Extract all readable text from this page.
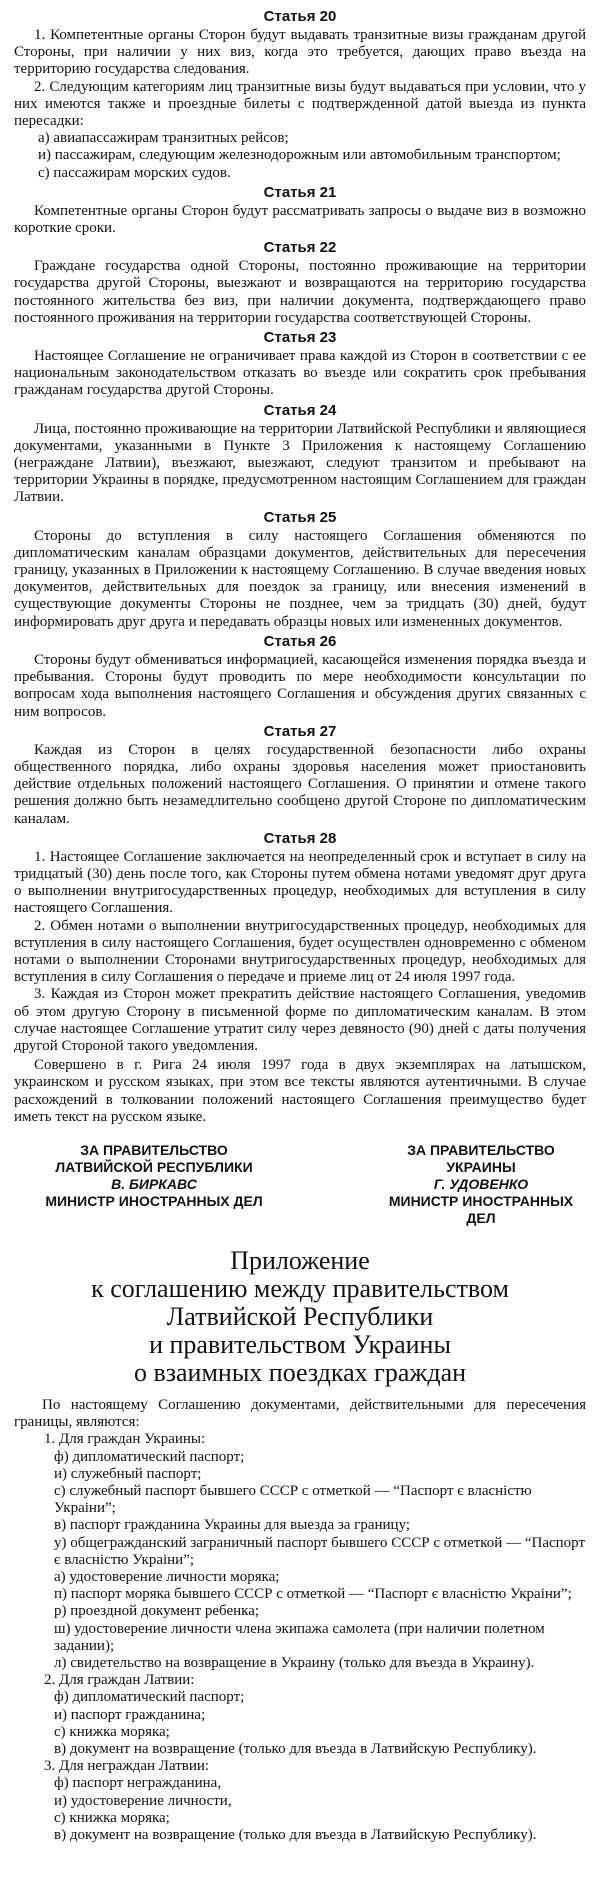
Статья 20

1. Компетентные органы Сторон будут выдавать транзитные визы гражданам другой Стороны, при наличии у них виз, когда это требуется, дающих право въезда на территорию государства следования.

2. Следующим категориям лиц транзитные визы будут выдаваться при условии, что у них имеются также и проездные билеты с подтвержденной датой выезда из пункта пересадки:

а) авиапассажирам транзитных рейсов;
и) пассажирам, следующим железнодорожным или автомобильным транспортом;
с) пассажирам морских судов.
Статья 21

Компетентные органы Сторон будут рассматривать запросы о выдаче виз в возможно короткие сроки.

Статья 22

Граждане государства одной Стороны, постоянно проживающие на территории государства другой Стороны, выезжают и возвращаются на территорию государства постоянного жительства без виз, при наличии документа, подтверждающего право постоянного проживания на территории государства соответствующей Стороны.

Статья 23

Настоящее Соглашение не ограничивает права каждой из Сторон в соответствии с ее национальным законодательством отказать во въезде или сократить срок пребывания гражданам государства другой Стороны.

Статья 24

Лица, постоянно проживающие на территории Латвийской Республики и являющиеся документами, указанными в Пункте 3 Приложения к настоящему Соглашению (неграждане Латвии), въезжают, выезжают, следуют транзитом и пребывают на территории Украины в порядке, предусмотренном настоящим Соглашением для граждан Латвии.

Статья 25

Стороны до вступления в силу настоящего Соглашения обменяются по дипломатическим каналам образцами документов, действительных для пересечения границу, указанных в Приложении к настоящему Соглашению. В случае введения новых документов, действительных для поездок за границу, или внесения изменений в существующие документы Стороны не позднее, чем за тридцать (30) дней, будут информировать друг друга и передавать образцы новых или измененных документов.

Статья 26

Стороны будут обмениваться информацией, касающейся изменения порядка въезда и пребывания. Стороны будут проводить по мере необходимости консультации по вопросам хода выполнения настоящего Соглашения и обсуждения других связанных с ним вопросов.

Статья 27

Каждая из Сторон в целях государственной безопасности либо охраны общественного порядка, либо охраны здоровья населения может приостановить действие отдельных положений настоящего Соглашения. О принятии и отмене такого решения должно быть незамедлительно сообщено другой Стороне по дипломатическим каналам.

Статья 28

1. Настоящее Соглашение заключается на неопределенный срок и вступает в силу на тридцатый (30) день после того, как Стороны путем обмена нотами уведомят друг друга о выполнении внутригосударственных процедур, необходимых для вступления в силу настоящего Соглашения.

2. Обмен нотами о выполнении внутригосударственных процедур, необходимых для вступления в силу настоящего Соглашения, будет осуществлен одновременно с обменом нотами о выполнении Сторонами внутригосударственных процедур, необходимых для вступления в силу Соглашения о передаче и приеме лиц от 24 июля 1997 года.

3. Каждая из Сторон может прекратить действие настоящего Соглашения, уведомив об этом другую Сторону в письменной форме по дипломатическим каналам. В этом случае настоящее Соглашение утратит силу через девяносто (90) дней с даты получения другой Стороной такого уведомления.

Совершено в г. Рига 24 июля 1997 года в двух экземплярах на латышском, украинском и русском языках, при этом все тексты являются аутентичными. В случае расхождений в толковании положений настоящего Соглашения преимущество будет иметь текст на русском языке.

ЗА ПРАВИТЕЛЬСТВО
ЛАТВИЙСКОЙ РЕСПУБЛИКИ
В. БИРКАВС
МИНИСТР ИНОСТРАННЫХ ДЕЛ
ЗА ПРАВИТЕЛЬСТВО
УКРАИНЫ
Г. УДОВЕНКО
МИНИСТР ИНОСТРАННЫХ ДЕЛ
Приложение
к соглашению между правительством
Латвийской Республики
и правительством Украины
о взаимных поездках граждан

По настоящему Соглашению документами, действительными для пересечения границы, являются:

1. Для граждан Украины:
ф) дипломатический паспорт;
и) служебный паспорт;
с) служебный паспорт бывшего СССР с отметкой — “Паспорт є власністю Украіни”;
в) паспорт гражданина Украины для выезда за границу;
у) общегражданский заграничный паспорт бывшего СССР с отметкой — “Паспорт є власністю Украіни”;
а) удостоверение личности моряка;
п) паспорт моряка бывшего СССР с отметкой — “Паспорт є власністю Украіни”;
р) проездной документ ребенка;
ш) удостоверение личности члена экипажа самолета (при наличии полетном задании);
л) свидетельство на возвращение в Украину (только для въезда в Украину).
2. Для граждан Латвии:
ф) дипломатический паспорт;
и) паспорт гражданина;
с) книжка моряка;
в) документ на возвращение (только для въезда в Латвийскую Республику).
3. Для неграждан Латвии:
ф) паспорт негражданина,
и) удостоверение личности,
с) книжка моряка;
в) документ на возвращение (только для въезда в Латвийскую Республику).
